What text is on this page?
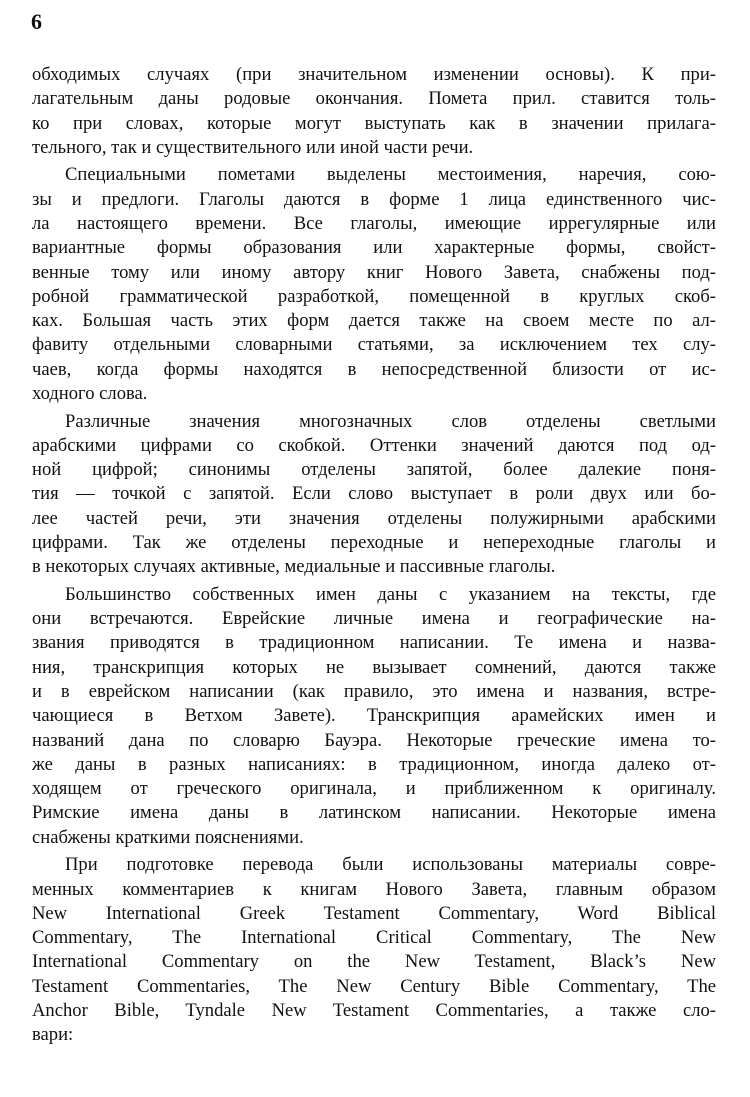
6
обходимых случаях (при значительном изменении основы). К при-
лагательным даны родовые окончания. Помета прил. ставится толь-
ко при словах, которые могут выступать как в значении прилага-
тельного, так и существительного или иной части речи.
Специальными пометами выделены местоимения, наречия, сою-
зы и предлоги. Глаголы даются в форме 1 лица единственного чис-
ла настоящего времени. Все глаголы, имеющие иррегулярные или
вариантные формы образования или характерные формы, свойст-
венные тому или иному автору книг Нового Завета, снабжены под-
робной грамматической разработкой, помещенной в круглых скоб-
ках. Большая часть этих форм дается также на своем месте по ал-
фавиту отдельными словарными статьями, за исключением тех слу-
чаев, когда формы находятся в непосредственной близости от ис-
ходного слова.
Различные значения многозначных слов отделены светлыми
арабскими цифрами со скобкой. Оттенки значений даются под од-
ной цифрой; синонимы отделены запятой, более далекие поня-
тия — точкой с запятой. Если слово выступает в роли двух или бо-
лее частей речи, эти значения отделены полужирными арабскими
цифрами. Так же отделены переходные и непереходные глаголы и
в некоторых случаях активные, медиальные и пассивные глаголы.
Большинство собственных имен даны с указанием на тексты, где
они встречаются. Еврейские личные имена и географические на-
звания приводятся в традиционном написании. Те имена и назва-
ния, транскрипция которых не вызывает сомнений, даются также
и в еврейском написании (как правило, это имена и названия, встре-
чающиеся в Ветхом Завете). Транскрипция арамейских имен и
названий дана по словарю Бауэра. Некоторые греческие имена то-
же даны в разных написаниях: в традиционном, иногда далеко от-
ходящем от греческого оригинала, и приближенном к оригиналу.
Римские имена даны в латинском написании. Некоторые имена
снабжены краткими пояснениями.
При подготовке перевода были использованы материалы совре-
менных комментариев к книгам Нового Завета, главным образом
New International Greek Testament Commentary, Word Biblical
Commentary, The International Critical Commentary, The New
International Commentary on the New Testament, Black’s New
Testament Commentaries, The New Century Bible Commentary, The
Anchor Bible, Tyndale New Testament Commentaries, а также сло-
вари:
